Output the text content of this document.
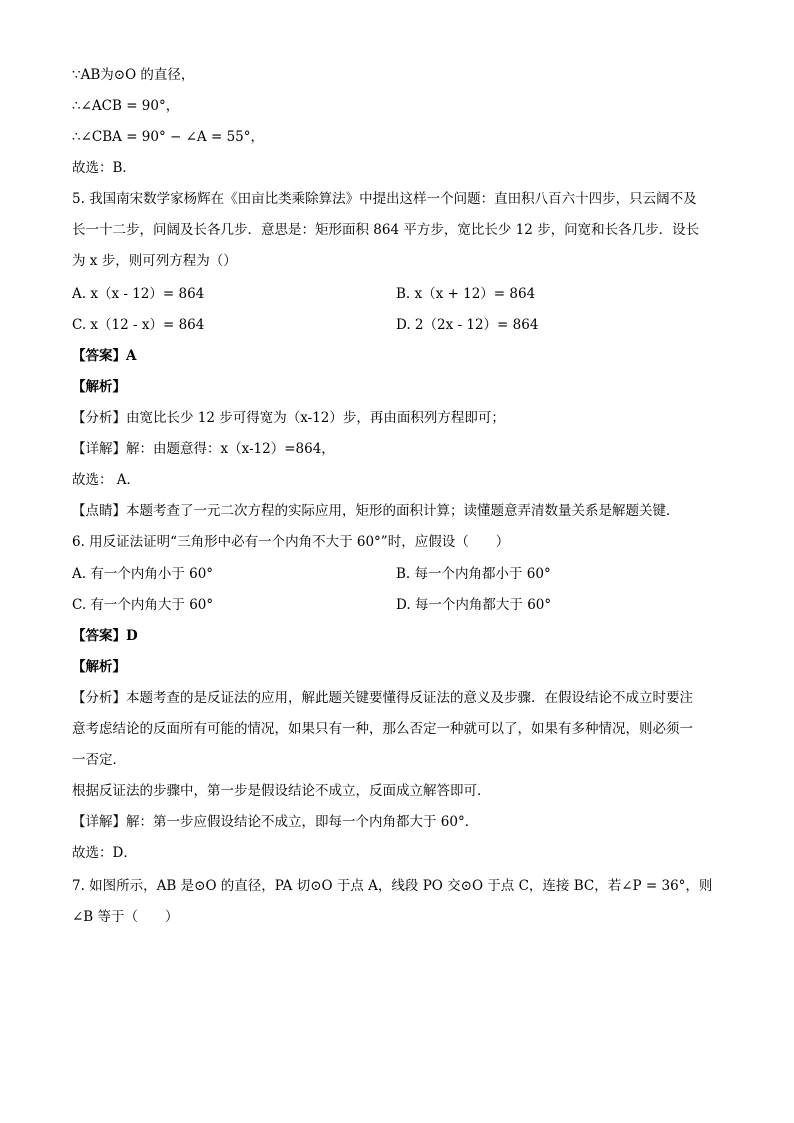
∵AB为⊙O 的直径，
∴∠ACB = 90°，
∴∠CBA = 90° − ∠A = 55°，
故选：B．
5. 我国南宋数学家杨辉在《田亩比类乘除算法》中提出这样一个问题：直田积八百六十四步，只云阔不及
长一十二步，问阔及长各几步．意思是：矩形面积 864 平方步，宽比长少 12 步，问宽和长各几步．设长
为 x 步，则可列方程为（）
A. x（x - 12）= 864	B. x（x + 12）= 864
C. x（12 - x）= 864	D. 2（2x - 12）= 864
【答案】A
【解析】
【分析】由宽比长少 12 步可得宽为（x-12）步，再由面积列方程即可；
【详解】解：由题意得：x（x-12）=864，
故选： A．
【点睛】本题考查了一元二次方程的实际应用，矩形的面积计算；读懂题意弄清数量关系是解题关键．
6. 用反证法证明“三角形中必有一个内角不大于 60°”时，应假设（　　）
A. 有一个内角小于 60°	B. 每一个内角都小于 60°
C. 有一个内角大于 60°	D. 每一个内角都大于 60°
【答案】D
【解析】
【分析】本题考查的是反证法的应用，解此题关键要懂得反证法的意义及步骤．在假设结论不成立时要注
意考虑结论的反面所有可能的情况，如果只有一种，那么否定一种就可以了，如果有多种情况，则必须一
一否定．
根据反证法的步骤中，第一步是假设结论不成立，反面成立解答即可．
【详解】解：第一步应假设结论不成立，即每一个内角都大于 60°．
故选：D．
7. 如图所示，AB 是⊙O 的直径，PA 切⊙O 于点 A，线段 PO 交⊙O 于点 C，连接 BC，若∠P = 36°，则
∠B 等于（　　）
